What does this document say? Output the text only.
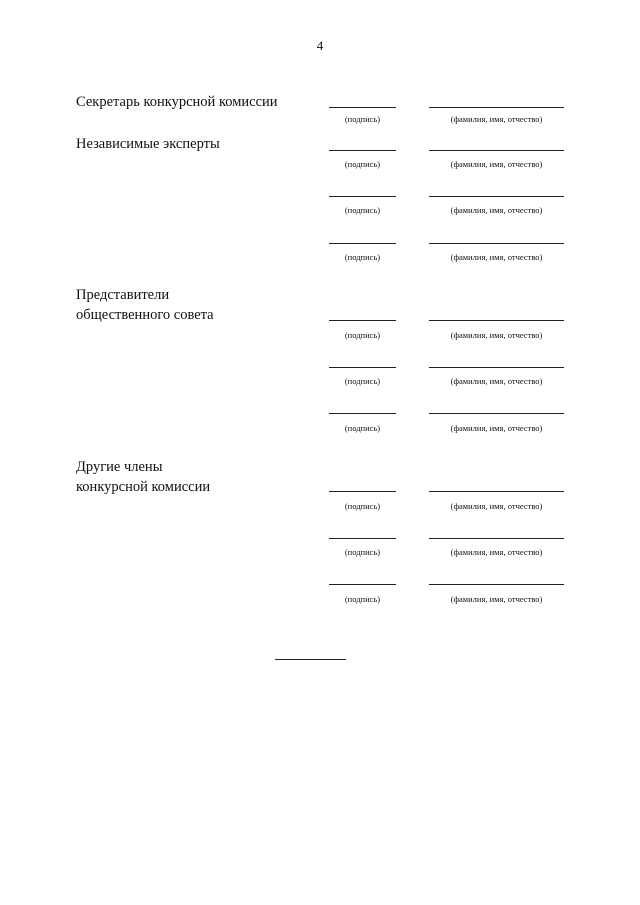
4
Секретарь конкурсной комиссии
(подпись)	(фамилия, имя, отчество)
Независимые эксперты
(подпись)	(фамилия, имя, отчество)
(подпись)	(фамилия, имя, отчество)
(подпись)	(фамилия, имя, отчество)
Представители
общественного совета
(подпись)	(фамилия, имя, отчество)
(подпись)	(фамилия, имя, отчество)
(подпись)	(фамилия, имя, отчество)
Другие члены
конкурсной комиссии
(подпись)	(фамилия, имя, отчество)
(подпись)	(фамилия, имя, отчество)
(подпись)	(фамилия, имя, отчество)
